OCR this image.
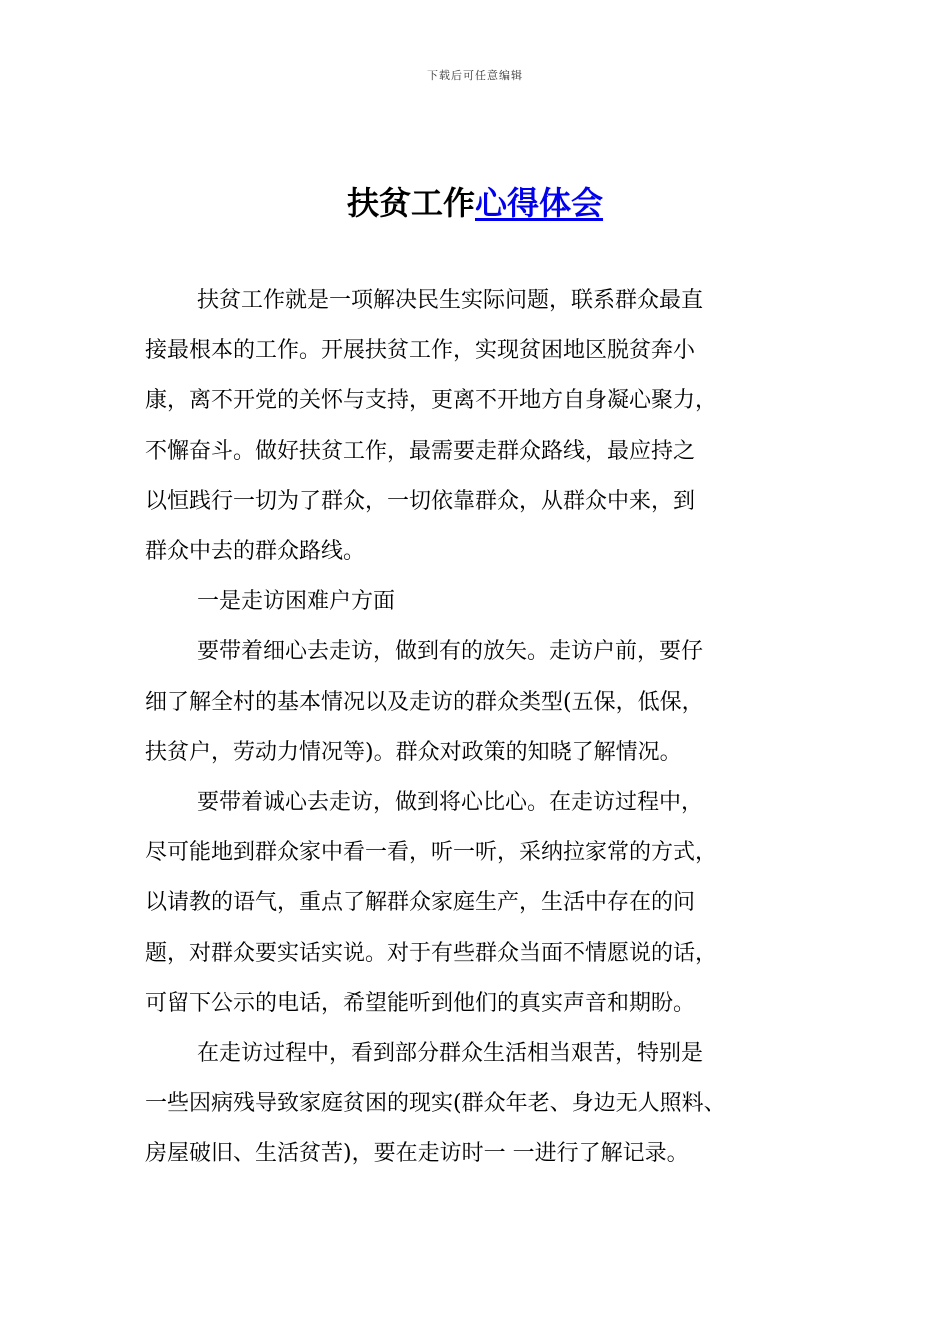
下载后可任意编辑
扶贫工作心得体会
扶贫工作就是一项解决民生实际问题，联系群众最直
接最根本的工作。开展扶贫工作，实现贫困地区脱贫奔小
康，离不开党的关怀与支持，更离不开地方自身凝心聚力，
不懈奋斗。做好扶贫工作，最需要走群众路线，最应持之
以恒践行一切为了群众，一切依靠群众，从群众中来，到
群众中去的群众路线。
一是走访困难户方面
要带着细心去走访，做到有的放矢。走访户前，要仔
细了解全村的基本情况以及走访的群众类型(五保，低保，
扶贫户，劳动力情况等)。群众对政策的知晓了解情况。
要带着诚心去走访，做到将心比心。在走访过程中，
尽可能地到群众家中看一看，听一听，采纳拉家常的方式，
以请教的语气，重点了解群众家庭生产，生活中存在的问
题，对群众要实话实说。对于有些群众当面不情愿说的话，
可留下公示的电话，希望能听到他们的真实声音和期盼。
在走访过程中，看到部分群众生活相当艰苦，特别是
一些因病残导致家庭贫困的现实(群众年老、身边无人照料、
房屋破旧、生活贫苦)，要在走访时一 一进行了解记录。
